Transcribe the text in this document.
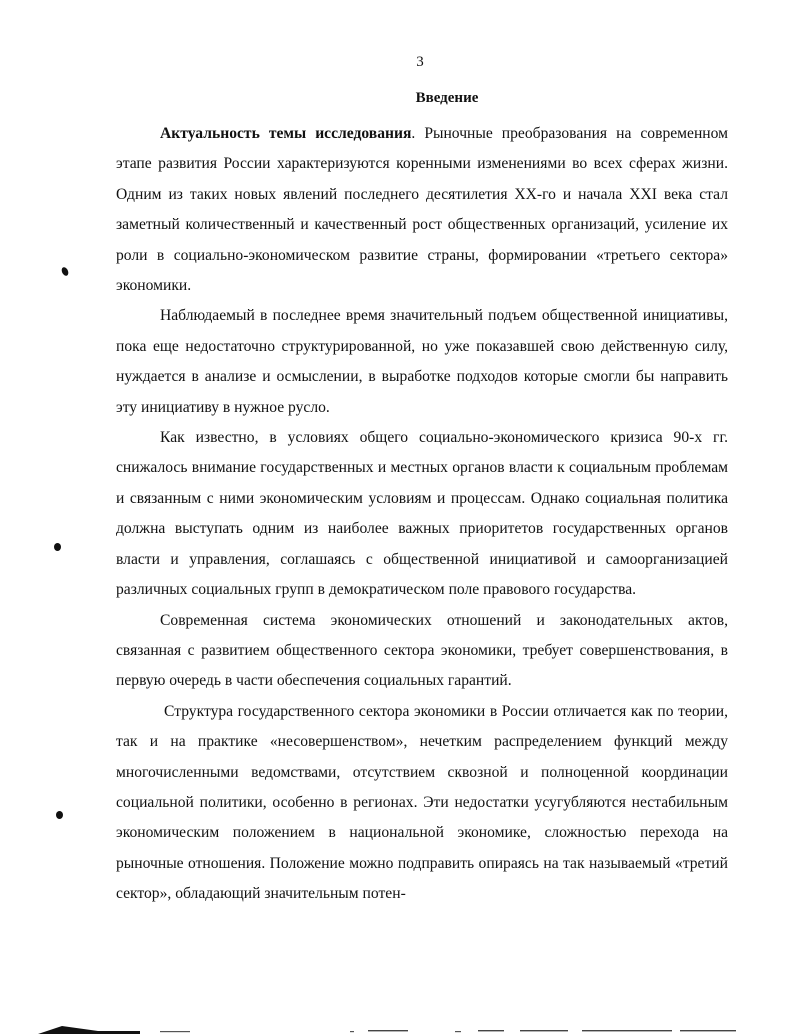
3
Введение

Актуальность темы исследования. Рыночные преобразования на современном этапе развития России характеризуются коренными изменениями во всех сферах жизни. Одним из таких новых явлений последнего десятилетия ХХ-го и начала XXI века стал заметный количественный и качественный рост общественных организаций, усиление их роли в социально-экономическом развитие страны, формировании «третьего сектора» экономики.

Наблюдаемый в последнее время значительный подъем общественной инициативы, пока еще недостаточно структурированной, но уже показавшей свою действенную силу, нуждается в анализе и осмыслении, в выработке подходов которые смогли бы направить эту инициативу в нужное русло.

Как известно, в условиях общего социально-экономического кризиса 90-х гг. снижалось внимание государственных и местных органов власти к социальным проблемам и связанным с ними экономическим условиям и процессам. Однако социальная политика должна выступать одним из наиболее важных приоритетов государственных органов власти и управления, соглашаясь с общественной инициативой и самоорганизацией различных социальных групп в демократическом поле правового государства.

Современная система экономических отношений и законодательных актов, связанная с развитием общественного сектора экономики, требует совершенствования, в первую очередь в части обеспечения социальных гарантий.

Структура государственного сектора экономики в России отличается как по теории, так и на практике «несовершенством», нечетким распределением функций между многочисленными ведомствами, отсутствием сквозной и полноценной координации социальной политики, особенно в регионах. Эти недостатки усугубляются нестабильным экономическим положением в национальной экономике, сложностью перехода на рыночные отношения. Положение можно подправить опираясь на так называемый «третий сектор», обладающий значительным потен-
